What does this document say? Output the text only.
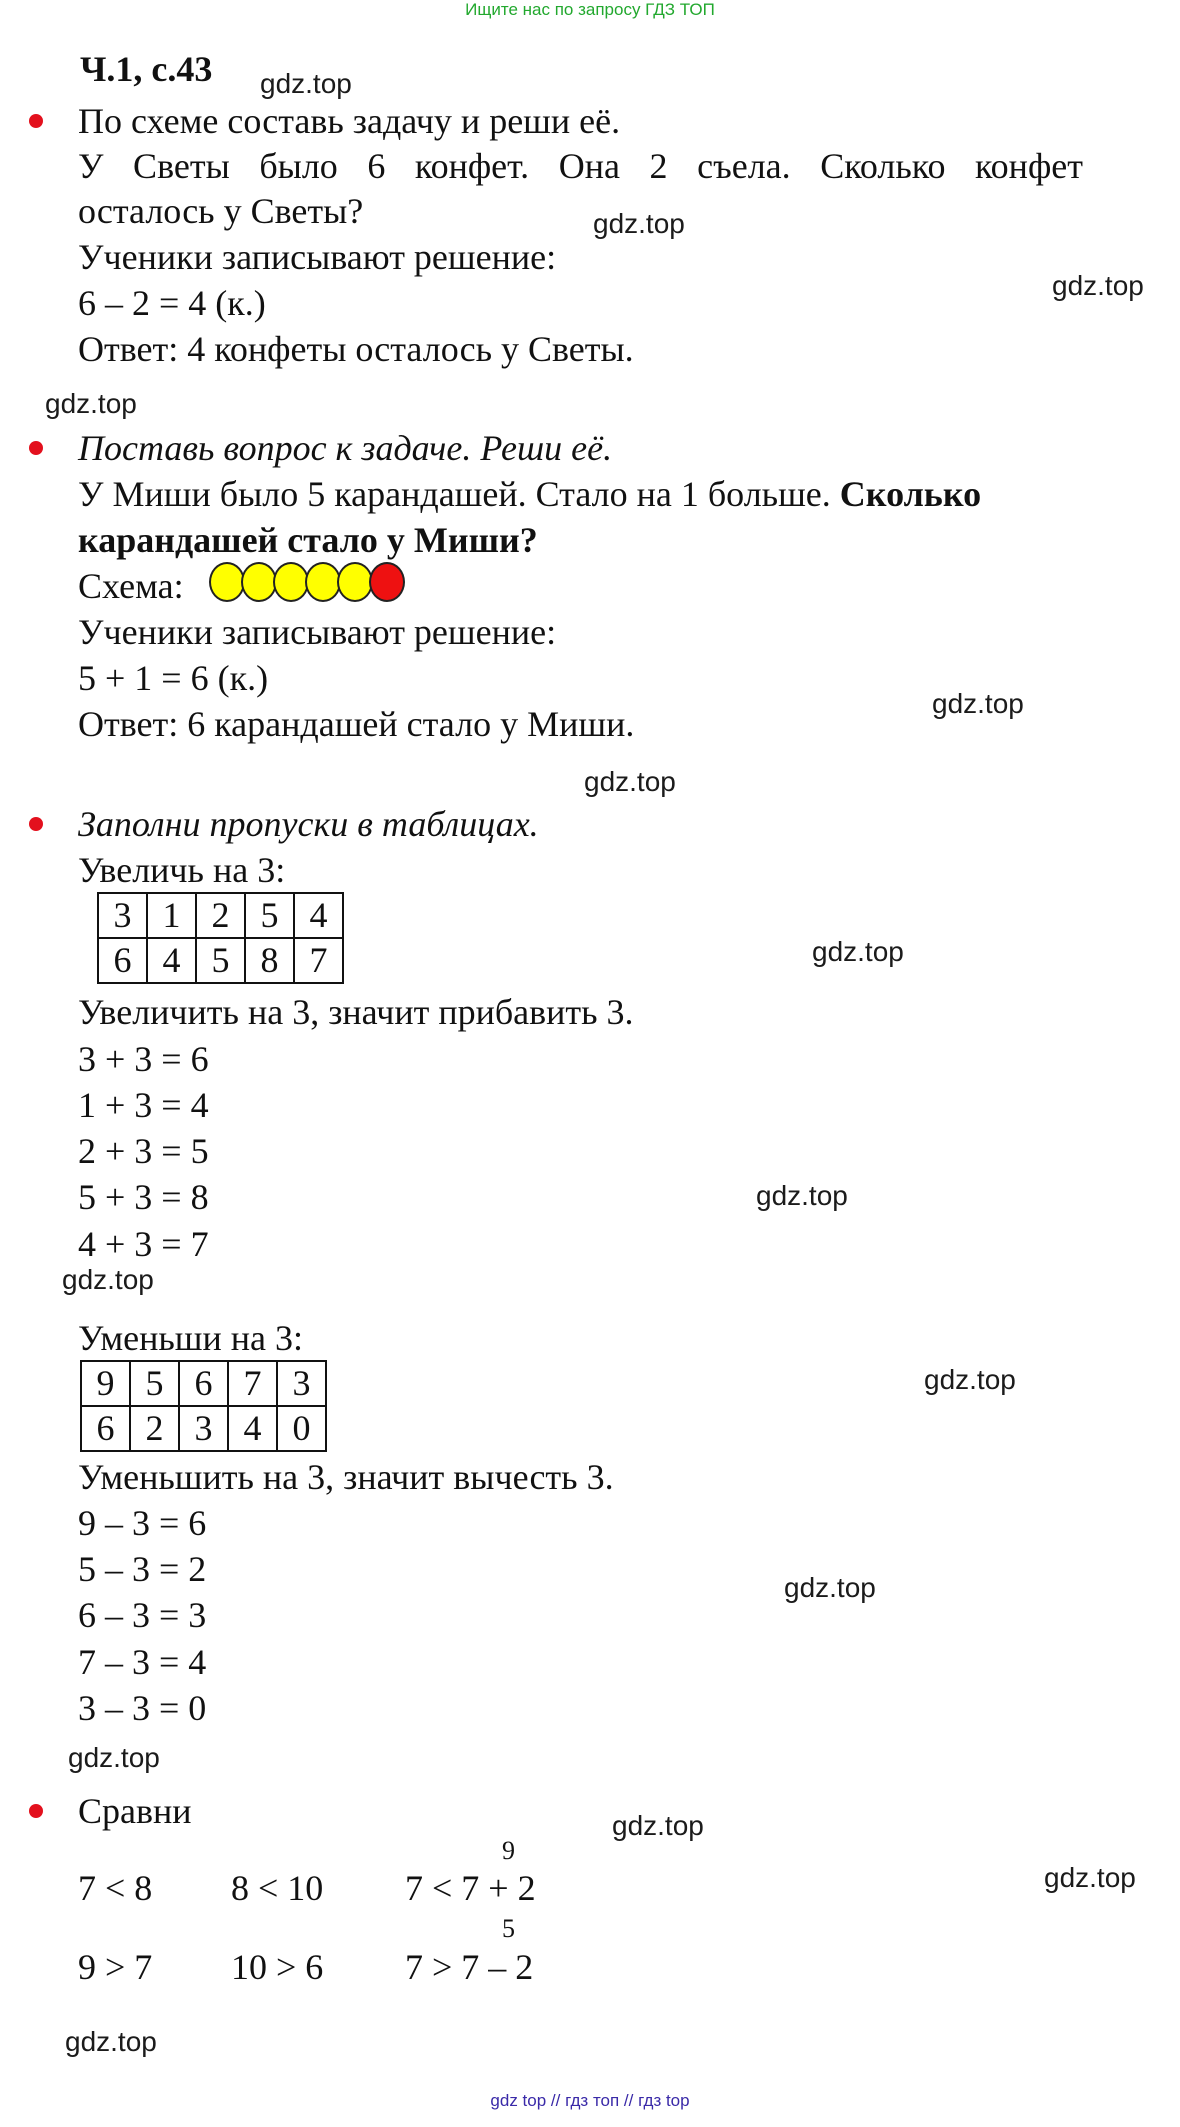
Ищите нас по запросу ГДЗ ТОП
Ч.1, с.43 gdz.top
По схеме составь задачу и реши её.
У Светы было 6 конфет. Она 2 съела. Сколько конфет
осталось у Светы?	gdz.top
Ученики записывают решение:
gdz.top
6 – 2 = 4 (к.)
Ответ: 4 конфеты осталось у Светы.
gdz.top
Поставь вопрос к задаче. Реши её.
У Миши было 5 карандашей. Стало на 1 больше. Сколько
карандашей стало у Миши?
Схема:
Ученики записывают решение:
5 + 1 = 6 (к.)
gdz.top
Ответ: 6 карандашей стало у Миши.
gdz.top
Заполни пропуски в таблицах.
Увеличь на 3:
3	1	2	5	4
6	4	5	8	7	gdz.top
Увеличить на 3, значит прибавить 3.
3 + 3 = 6
1 + 3 = 4
2 + 3 = 5
5 + 3 = 8	gdz.top
4 + 3 = 7
gdz.top
Уменьши на 3:
9	5	6	7	3
6	2	3	4	0
gdz.top
Уменьшить на 3, значит вычесть 3.
9 – 3 = 6
5 – 3 = 2	gdz.top
6 – 3 = 3
7 – 3 = 4
3 – 3 = 0
gdz.top
Сравни	gdz.top
9
7 < 8 8 < 10 7 < 7 + 2	gdz.top
5
9 > 7 10 > 6 7 > 7 – 2
gdz.top
gdz top // гдз топ // гдз top
